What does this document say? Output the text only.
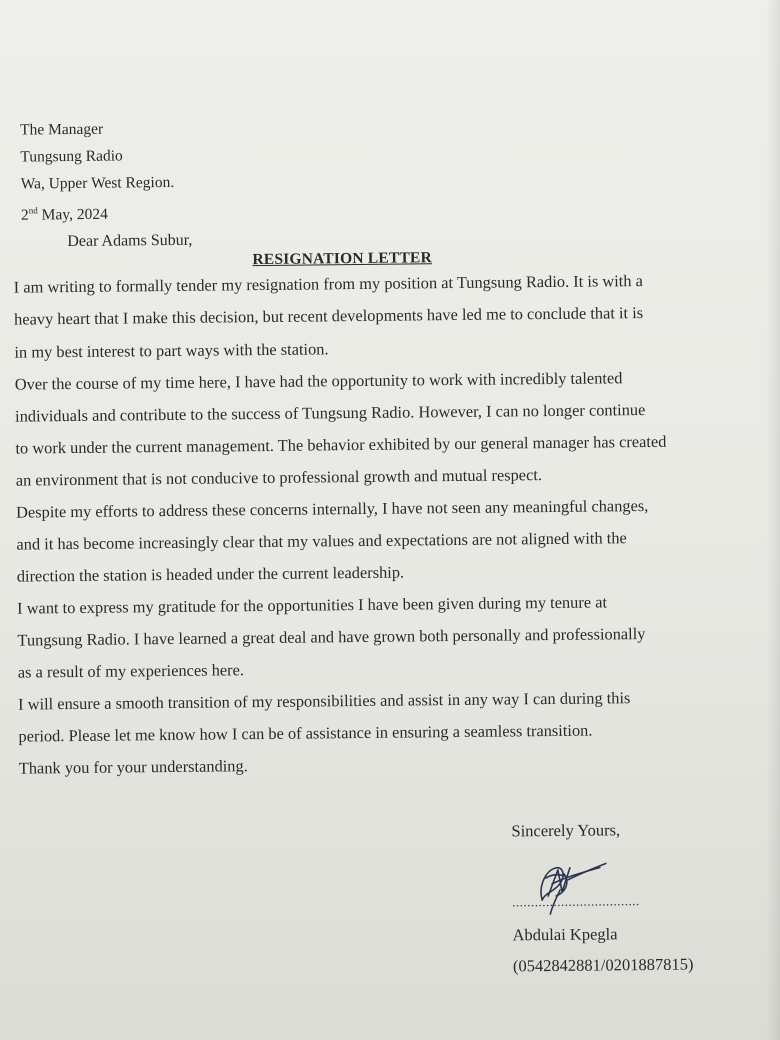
The Manager
Tungsung Radio
Wa, Upper West Region.
2nd May, 2024
Dear Adams Subur,
RESIGNATION LETTER
I am writing to formally tender my resignation from my position at Tungsung Radio. It is with a
heavy heart that I make this decision, but recent developments have led me to conclude that it is
in my best interest to part ways with the station.
Over the course of my time here, I have had the opportunity to work with incredibly talented
individuals and contribute to the success of Tungsung Radio. However, I can no longer continue
to work under the current management. The behavior exhibited by our general manager has created
an environment that is not conducive to professional growth and mutual respect.
Despite my efforts to address these concerns internally, I have not seen any meaningful changes,
and it has become increasingly clear that my values and expectations are not aligned with the
direction the station is headed under the current leadership.
I want to express my gratitude for the opportunities I have been given during my tenure at
Tungsung Radio. I have learned a great deal and have grown both personally and professionally
as a result of my experiences here.
I will ensure a smooth transition of my responsibilities and assist in any way I can during this
period. Please let me know how I can be of assistance in ensuring a seamless transition.
Thank you for your understanding.
Sincerely Yours,
..................................
Abdulai Kpegla
(0542842881/0201887815)
